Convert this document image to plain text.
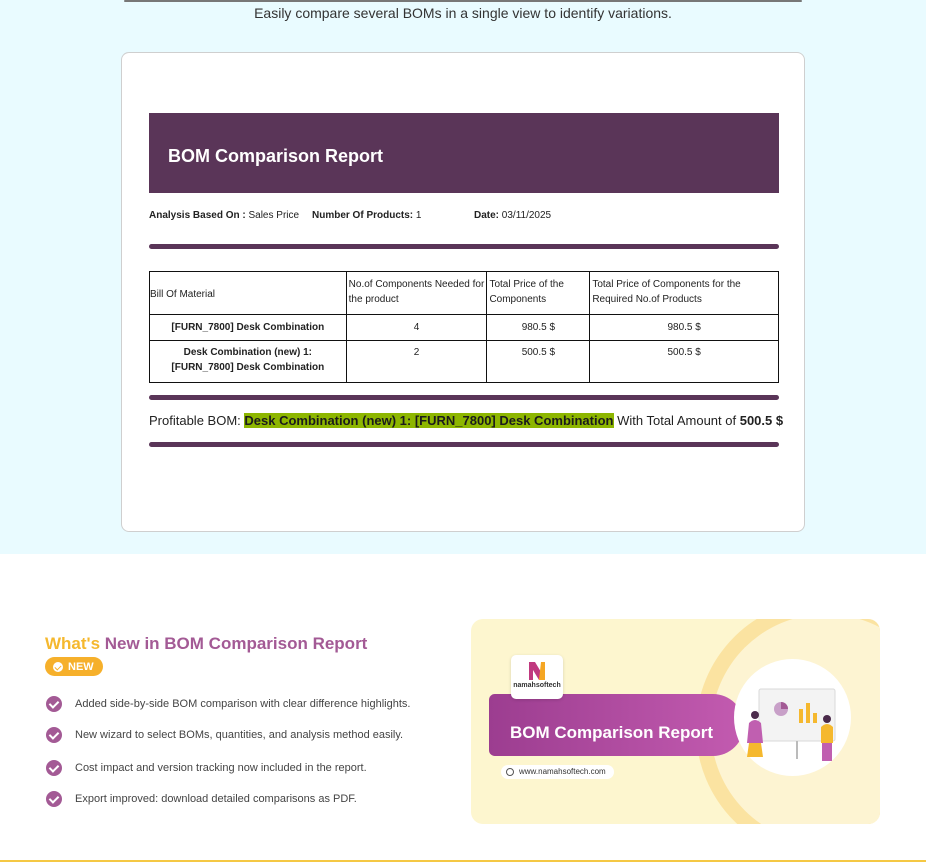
Easily compare several BOMs in a single view to identify variations.
BOM Comparison Report
Analysis Based On : Sales Price Number Of Products: 1	Date: 03/11/2025
Bill Of Material	No.of Components Needed for the product	Total Price of the Components	Total Price of Components for the Required No.of Products
[FURN_7800] Desk Combination	4	980.5 $	980.5 $
Desk Combination (new) 1: [FURN_7800] Desk Combination	2	500.5 $	500.5 $
Profitable BOM: Desk Combination (new) 1: [FURN_7800] Desk Combination With Total Amount of 500.5 $
What's New in BOM Comparison Report
NEW
Added side-by-side BOM comparison with clear difference highlights.
New wizard to select BOMs, quantities, and analysis method easily.
Cost impact and version tracking now included in the report.
Export improved: download detailed comparisons as PDF.
namahsoftech
BOM Comparison Report
www.namahsoftech.com
